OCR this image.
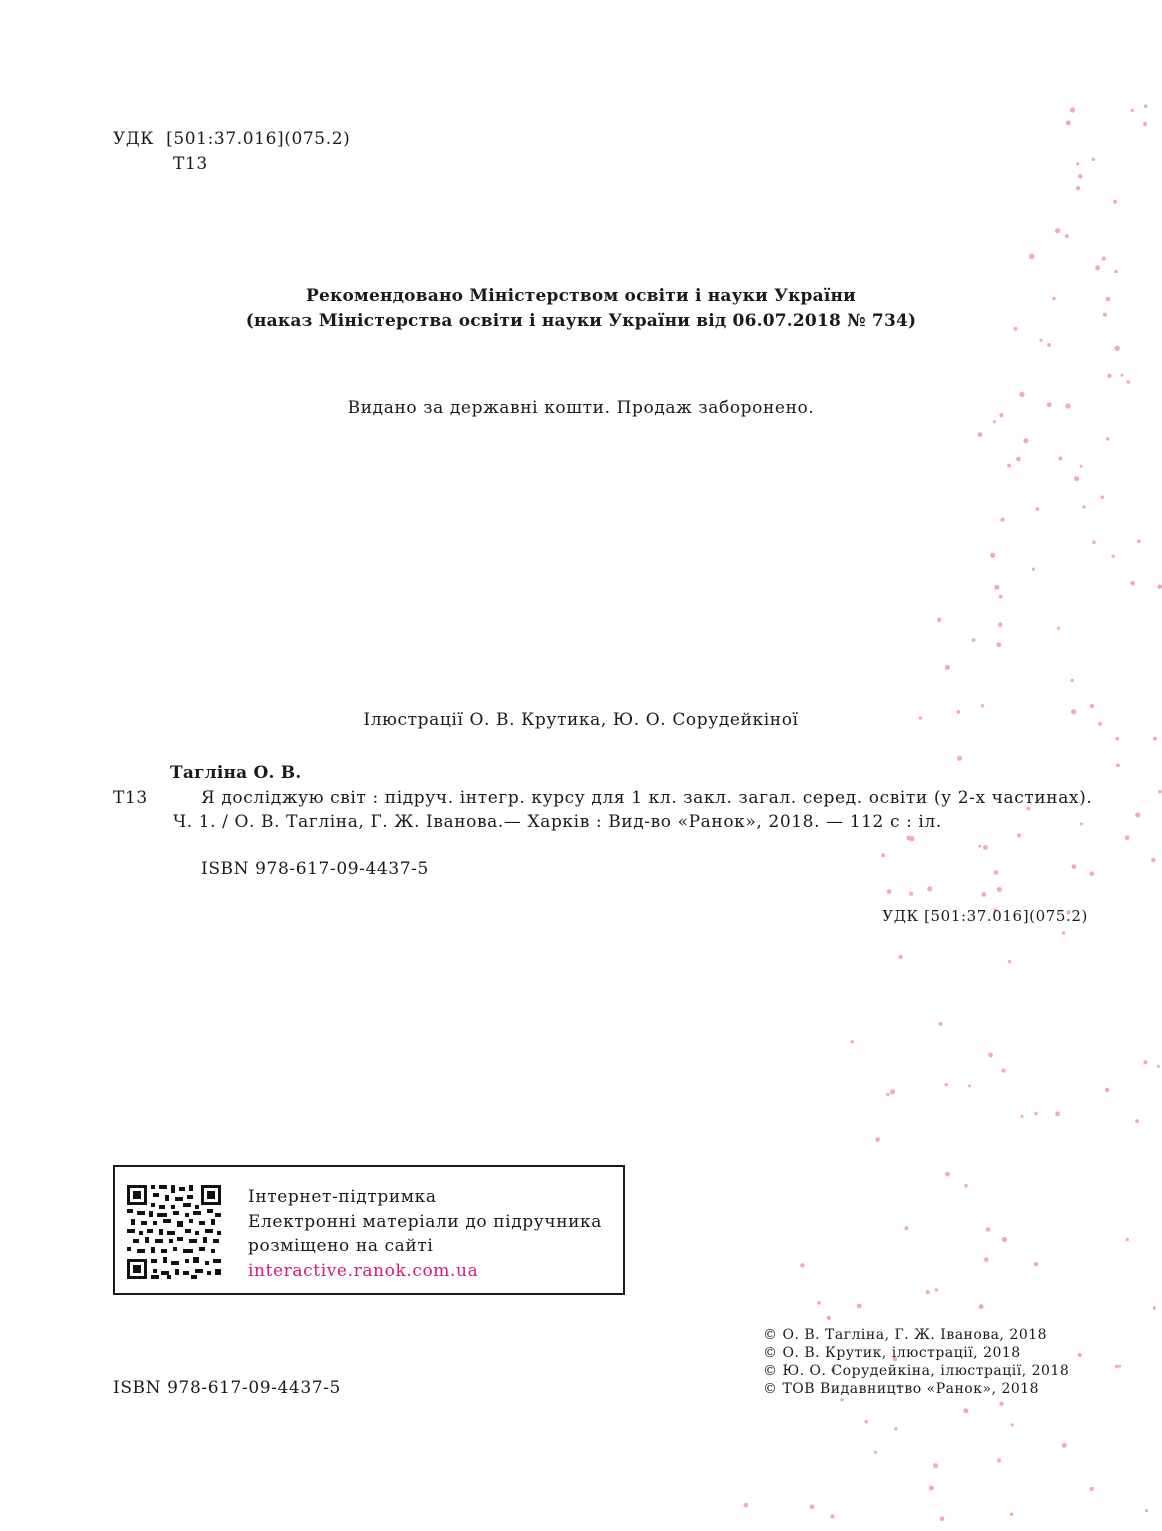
УДК [501:37.016](075.2)
Т13
Рекомендовано Міністерством освіти і науки України
(наказ Міністерства освіти і науки України від 06.07.2018 № 734)
Видано за державні кошти. Продаж заборонено.
Ілюстрації О. В. Крутика, Ю. О. Сорудейкіної
Тагліна О. В.
Т13	Я досліджую світ : підруч. інтегр. курсу для 1 кл. закл. загал. серед. освіти (у 2-х частинах).
Ч. 1. / О. В. Тагліна, Г. Ж. Іванова.— Харків : Вид-во «Ранок», 2018. — 112 с : іл.
ISBN 978-617-09-4437-5
УДК [501:37.016](075.2)
Інтернет-підтримка
Електронні матеріали до підручника
розміщено на сайті
interactive.ranok.com.ua
ISBN 978-617-09-4437-5
© О. В. Тагліна, Г. Ж. Іванова, 2018
© О. В. Крутик, ілюстрації, 2018
© Ю. О. Сорудейкіна, ілюстрації, 2018
© ТОВ Видавництво «Ранок», 2018
